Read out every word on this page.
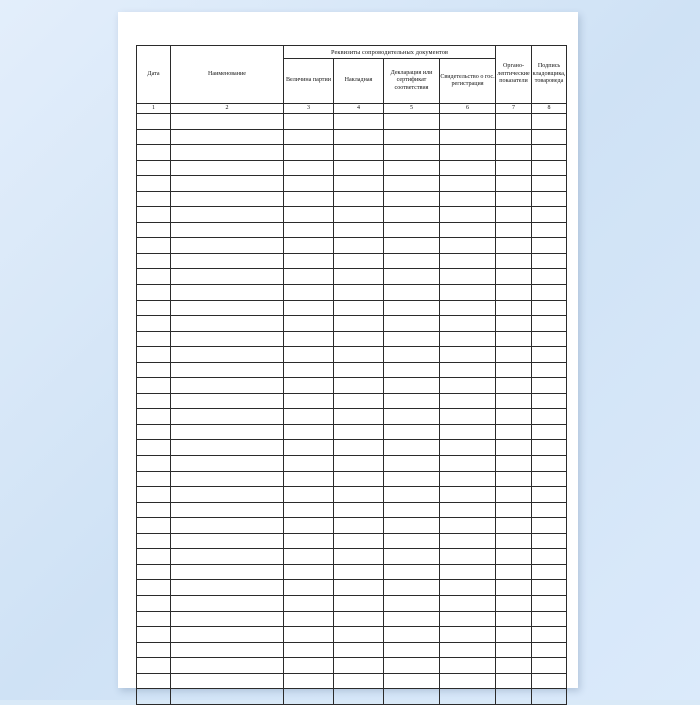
Дата	Наименование	Реквизиты сопроводительных документов				Органо- лептические показатели	Подпись кладовщика, товароведа
		Величина партии	Накладная	Декларация или сертификат соответствия	Свидетельство о гос. регистрация		
1	2	3	4	5	6	7	8
